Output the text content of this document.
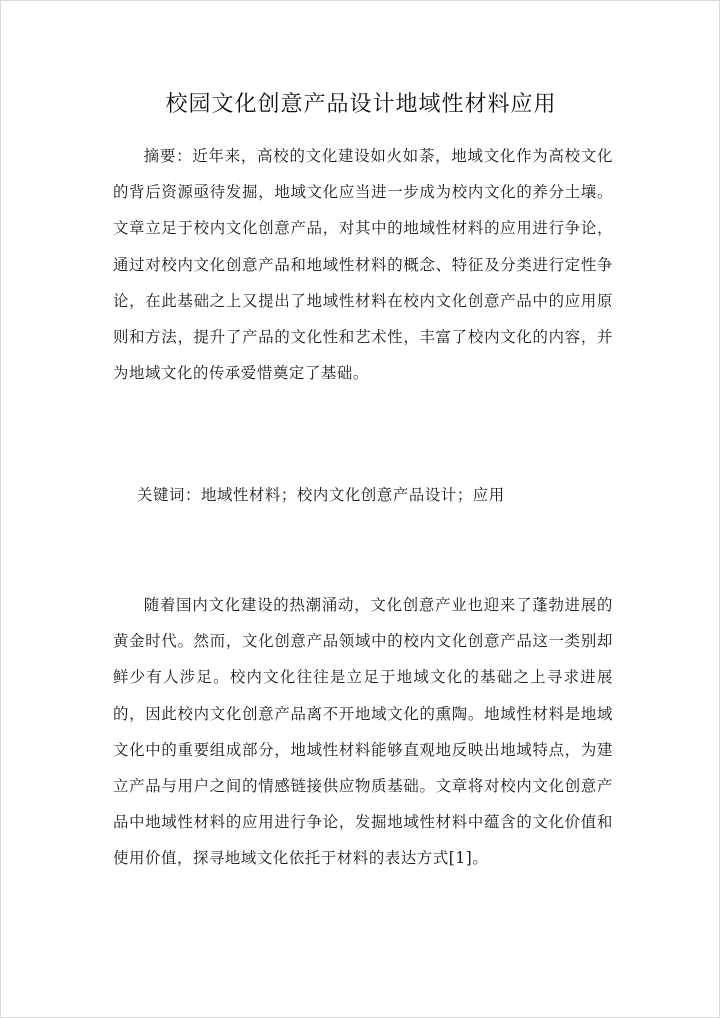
校园文化创意产品设计地域性材料应用

摘要：近年来，高校的文化建设如火如荼，地域文化作为高校文化的背后资源亟待发掘，地域文化应当进一步成为校内文化的养分土壤。文章立足于校内文化创意产品，对其中的地域性材料的应用进行争论，通过对校内文化创意产品和地域性材料的概念、特征及分类进行定性争论，在此基础之上又提出了地域性材料在校内文化创意产品中的应用原则和方法，提升了产品的文化性和艺术性，丰富了校内文化的内容，并为地域文化的传承爱惜奠定了基础。

关键词：地域性材料；校内文化创意产品设计；应用

随着国内文化建设的热潮涌动，文化创意产业也迎来了蓬勃进展的黄金时代。然而，文化创意产品领域中的校内文化创意产品这一类别却鲜少有人涉足。校内文化往往是立足于地域文化的基础之上寻求进展的，因此校内文化创意产品离不开地域文化的熏陶。地域性材料是地域文化中的重要组成部分，地域性材料能够直观地反映出地域特点，为建立产品与用户之间的情感链接供应物质基础。文章将对校内文化创意产品中地域性材料的应用进行争论，发掘地域性材料中蕴含的文化价值和使用价值，探寻地域文化依托于材料的表达方式[1]。
